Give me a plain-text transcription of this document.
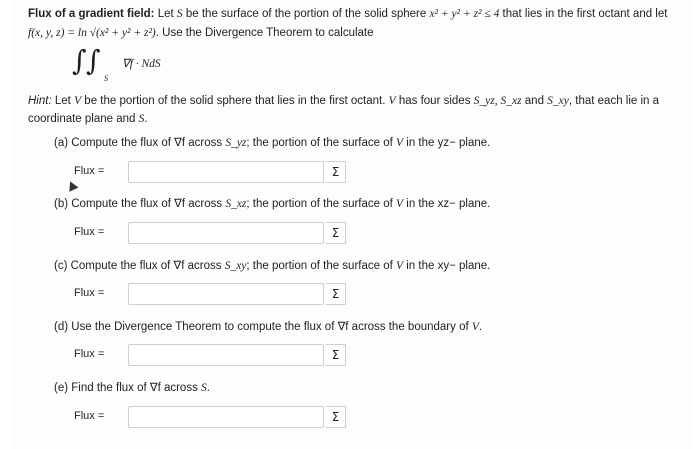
Flux of a gradient field: Let S be the surface of the portion of the solid sphere x² + y² + z² ≤ 4 that lies in the first octant and let
f(x, y, z) = ln √(x² + y² + z²). Use the Divergence Theorem to calculate
∫ ∫
S
∇f · NdS
Hint: Let V be the portion of the solid sphere that lies in the first octant. V has four sides S_yz, S_xz and S_xy, that each lie in a coordinate plane and S.
(a) Compute the flux of ∇f across S_yz; the portion of the surface of V in the yz− plane.
Flux =	Σ
(b) Compute the flux of ∇f across S_xz; the portion of the surface of V in the xz− plane.
Flux =	Σ
(c) Compute the flux of ∇f across S_xy; the portion of the surface of V in the xy− plane.
Flux =	Σ
(d) Use the Divergence Theorem to compute the flux of ∇f across the boundary of V.
Flux =	Σ
(e) Find the flux of ∇f across S.
Flux =	Σ
